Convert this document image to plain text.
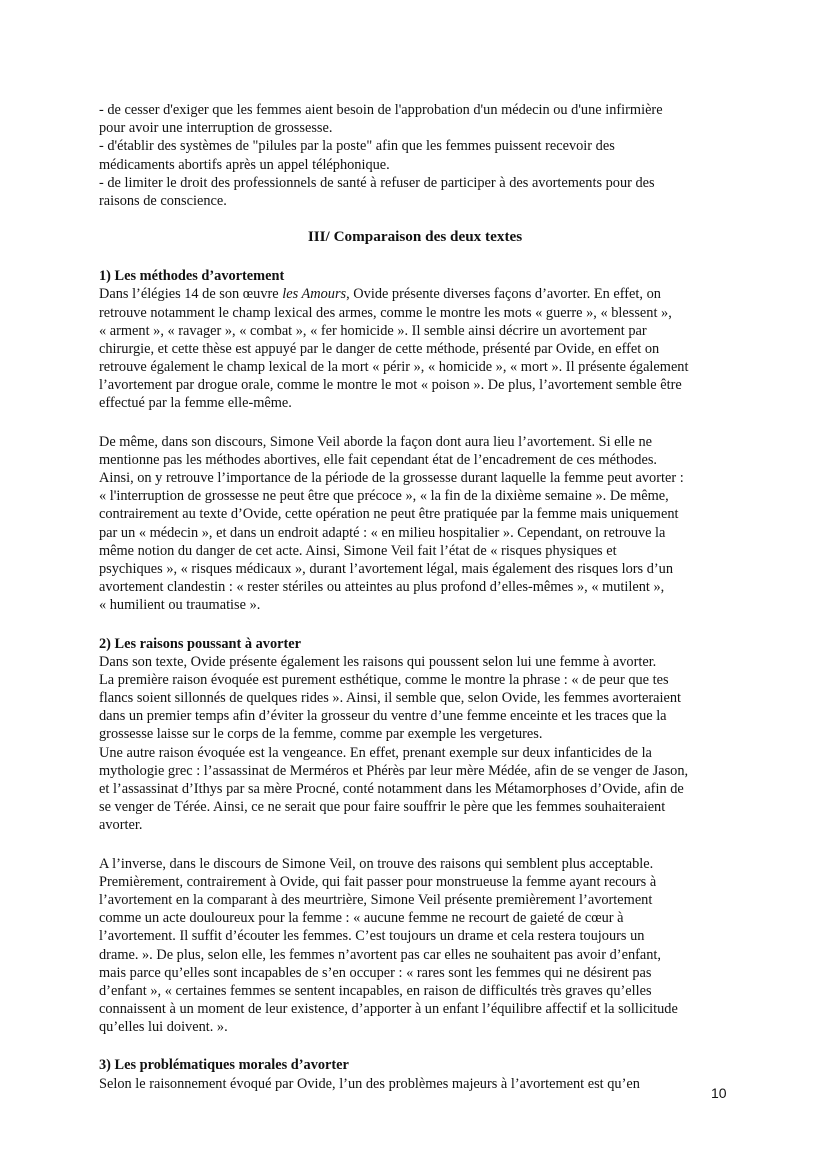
- de cesser d'exiger que les femmes aient besoin de l'approbation d'un médecin ou d'une infirmière
pour avoir une interruption de grossesse.
- d'établir des systèmes de "pilules par la poste" afin que les femmes puissent recevoir des
médicaments abortifs après un appel téléphonique.
- de limiter le droit des professionnels de santé à refuser de participer à des avortements pour des
raisons de conscience.
III/ Comparaison des deux textes
1) Les méthodes d’avortement
Dans l’élégies 14 de son œuvre les Amours, Ovide présente diverses façons d’avorter. En effet, on
retrouve notamment le champ lexical des armes, comme le montre les mots « guerre », « blessent »,
« arment », « ravager », « combat », « fer homicide ». Il semble ainsi décrire un avortement par
chirurgie, et cette thèse est appuyé par le danger de cette méthode, présenté par Ovide, en effet on
retrouve également le champ lexical de la mort « périr », « homicide », « mort ». Il présente également
l’avortement par drogue orale, comme le montre le mot « poison ». De plus, l’avortement semble être
effectué par la femme elle-même.
De même, dans son discours, Simone Veil aborde la façon dont aura lieu l’avortement. Si elle ne
mentionne pas les méthodes abortives, elle fait cependant état de l’encadrement de ces méthodes.
Ainsi, on y retrouve l’importance de la période de la grossesse durant laquelle la femme peut avorter :
« l'interruption de grossesse ne peut être que précoce », « la fin de la dixième semaine ». De même,
contrairement au texte d’Ovide, cette opération ne peut être pratiquée par la femme mais uniquement
par un « médecin », et dans un endroit adapté : « en milieu hospitalier ». Cependant, on retrouve la
même notion du danger de cet acte. Ainsi, Simone Veil fait l’état de « risques physiques et
psychiques », « risques médicaux », durant l’avortement légal, mais également des risques lors d’un
avortement clandestin : « rester stériles ou atteintes au plus profond d’elles-mêmes », « mutilent »,
« humilient ou traumatise ».
2) Les raisons poussant à avorter
Dans son texte, Ovide présente également les raisons qui poussent selon lui une femme à avorter.
La première raison évoquée est purement esthétique, comme le montre la phrase : « de peur que tes
flancs soient sillonnés de quelques rides ». Ainsi, il semble que, selon Ovide, les femmes avorteraient
dans un premier temps afin d’éviter la grosseur du ventre d’une femme enceinte et les traces que la
grossesse laisse sur le corps de la femme, comme par exemple les vergetures.
Une autre raison évoquée est la vengeance. En effet, prenant exemple sur deux infanticides de la
mythologie grec : l’assassinat de Merméros et Phérès par leur mère Médée, afin de se venger de Jason,
et l’assassinat d’Ithys par sa mère Procné, conté notamment dans les Métamorphoses d’Ovide, afin de
se venger de Térée. Ainsi, ce ne serait que pour faire souffrir le père que les femmes souhaiteraient
avorter.
A l’inverse, dans le discours de Simone Veil, on trouve des raisons qui semblent plus acceptable.
Premièrement, contrairement à Ovide, qui fait passer pour monstrueuse la femme ayant recours à
l’avortement en la comparant à des meurtrière, Simone Veil présente premièrement l’avortement
comme un acte douloureux pour la femme : « aucune femme ne recourt de gaieté de cœur à
l’avortement. Il suffit d’écouter les femmes. C’est toujours un drame et cela restera toujours un
drame. ». De plus, selon elle, les femmes n’avortent pas car elles ne souhaitent pas avoir d’enfant,
mais parce qu’elles sont incapables de s’en occuper : « rares sont les femmes qui ne désirent pas
d’enfant », « certaines femmes se sentent incapables, en raison de difficultés très graves qu’elles
connaissent à un moment de leur existence, d’apporter à un enfant l’équilibre affectif et la sollicitude
qu’elles lui doivent. ».
3) Les problématiques morales d’avorter
Selon le raisonnement évoqué par Ovide, l’un des problèmes majeurs à l’avortement est qu’en
10
